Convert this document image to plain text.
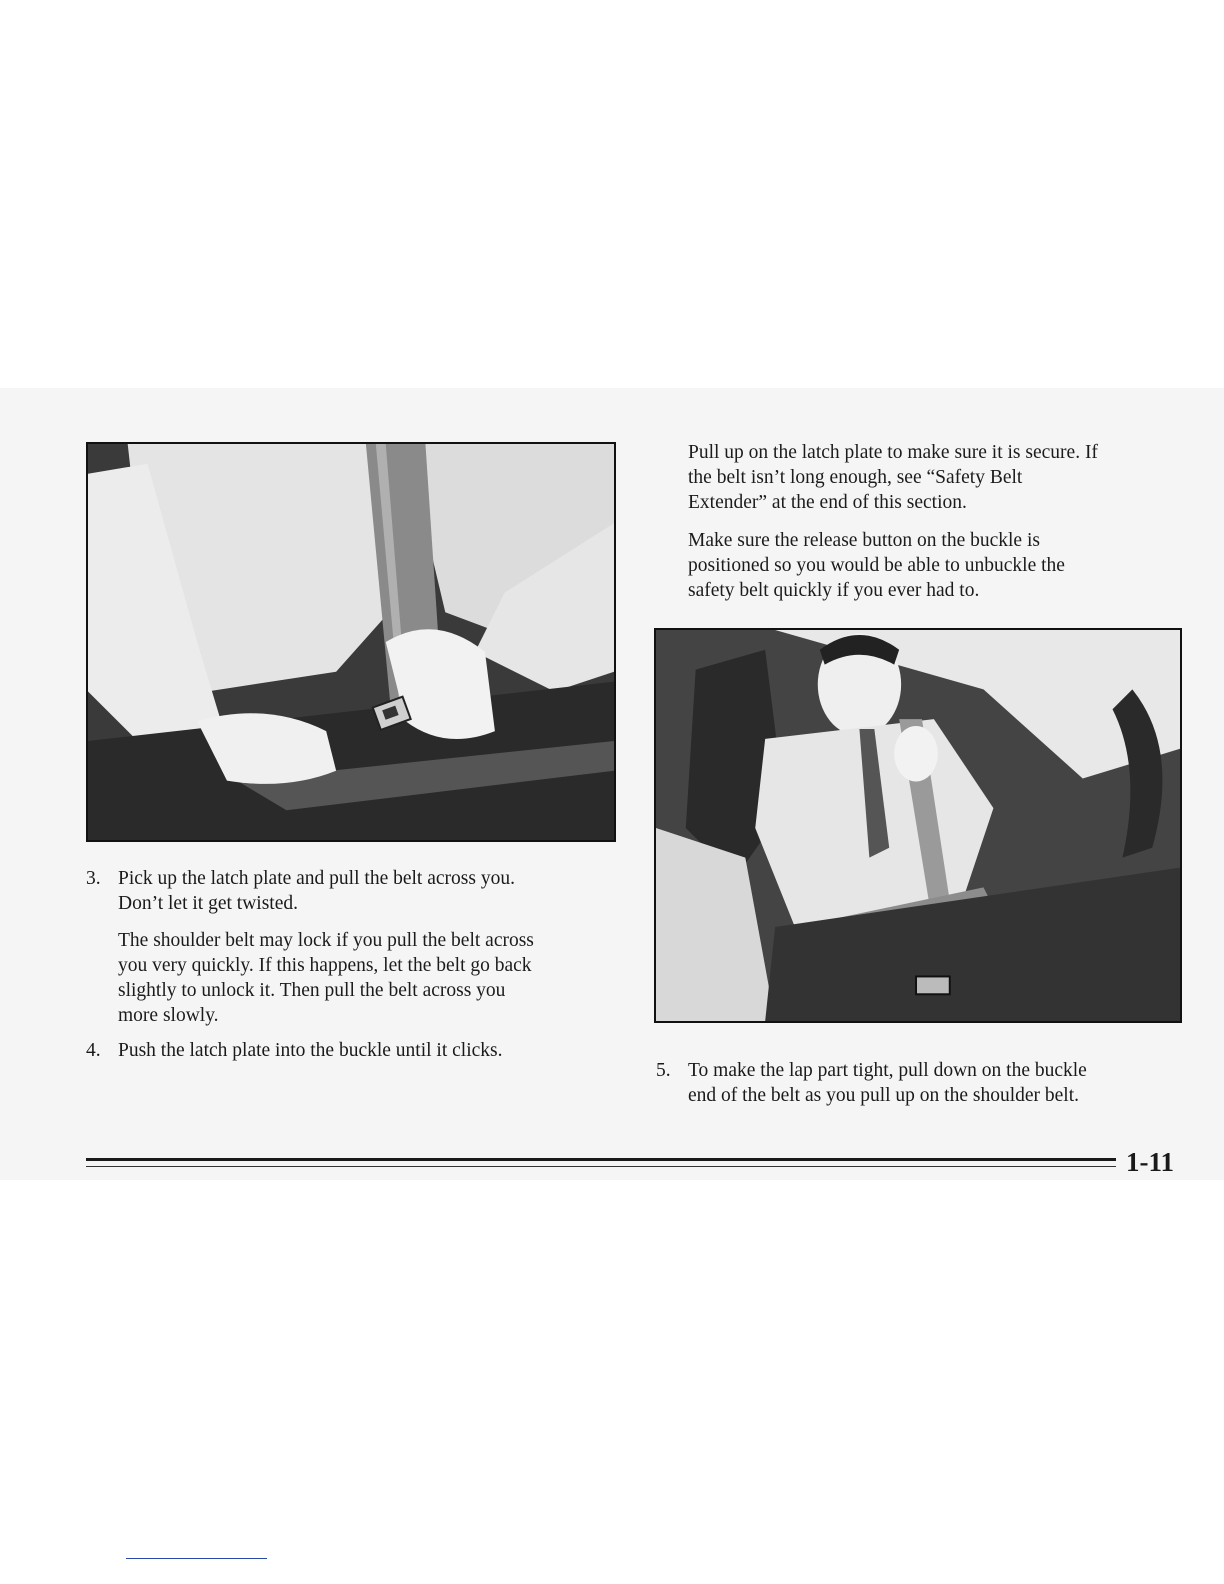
3. Pick up the latch plate and pull the belt across you.
Don’t let it get twisted.

The shoulder belt may lock if you pull the belt across
you very quickly. If this happens, let the belt go back
slightly to unlock it. Then pull the belt across you
more slowly.

4. Push the latch plate into the buckle until it clicks.

Pull up on the latch plate to make sure it is secure. If
the belt isn’t long enough, see “Safety Belt
Extender” at the end of this section.

Make sure the release button on the buckle is
positioned so you would be able to unbuckle the
safety belt quickly if you ever had to.

5. To make the lap part tight, pull down on the buckle
end of the belt as you pull up on the shoulder belt.
1-11
